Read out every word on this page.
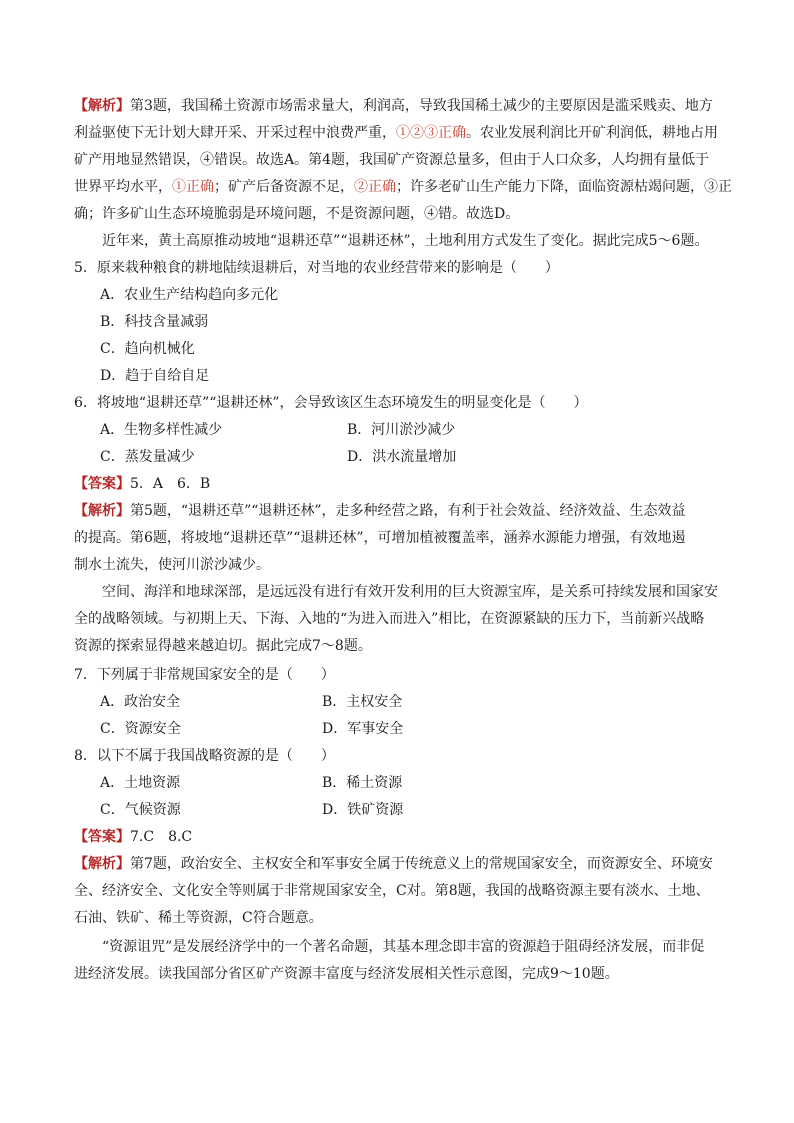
【解析】第3题，我国稀土资源市场需求量大，利润高，导致我国稀土减少的主要原因是滥采贱卖、地方
利益驱使下无计划大肆开采、开采过程中浪费严重，①②③正确。农业发展利润比开矿利润低，耕地占用
矿产用地显然错误，④错误。故选A。第4题，我国矿产资源总量多，但由于人口众多，人均拥有量低于
世界平均水平，①正确；矿产后备资源不足，②正确；许多老矿山生产能力下降，面临资源枯竭问题，③正
确；许多矿山生态环境脆弱是环境问题，不是资源问题，④错。故选D。
近年来，黄土高原推动坡地“退耕还草”“退耕还林”，土地利用方式发生了变化。据此完成5～6题。
5．原来栽种粮食的耕地陆续退耕后，对当地的农业经营带来的影响是（　　）
A．农业生产结构趋向多元化
B．科技含量减弱
C．趋向机械化
D．趋于自给自足
6．将坡地“退耕还草”“退耕还林”，会导致该区生态环境发生的明显变化是（　　）
A．生物多样性减少	B．河川淤沙减少
C．蒸发量减少	D．洪水流量增加
【答案】5．A　6．B
【解析】第5题，“退耕还草”“退耕还林”，走多种经营之路，有利于社会效益、经济效益、生态效益
的提高。第6题，将坡地“退耕还草”“退耕还林”，可增加植被覆盖率，涵养水源能力增强，有效地遏
制水土流失，使河川淤沙减少。
空间、海洋和地球深部，是远远没有进行有效开发利用的巨大资源宝库，是关系可持续发展和国家安
全的战略领域。与初期上天、下海、入地的“为进入而进入”相比，在资源紧缺的压力下，当前新兴战略
资源的探索显得越来越迫切。据此完成7～8题。
7．下列属于非常规国家安全的是（　　）
A．政治安全	B．主权安全
C．资源安全	D．军事安全
8．以下不属于我国战略资源的是（　　）
A．土地资源	B．稀土资源
C．气候资源	D．铁矿资源
【答案】7.C　8.C
【解析】第7题，政治安全、主权安全和军事安全属于传统意义上的常规国家安全，而资源安全、环境安
全、经济安全、文化安全等则属于非常规国家安全，C对。第8题，我国的战略资源主要有淡水、土地、
石油、铁矿、稀土等资源，C符合题意。
“资源诅咒”是发展经济学中的一个著名命题，其基本理念即丰富的资源趋于阻碍经济发展，而非促
进经济发展。读我国部分省区矿产资源丰富度与经济发展相关性示意图，完成9～10题。
